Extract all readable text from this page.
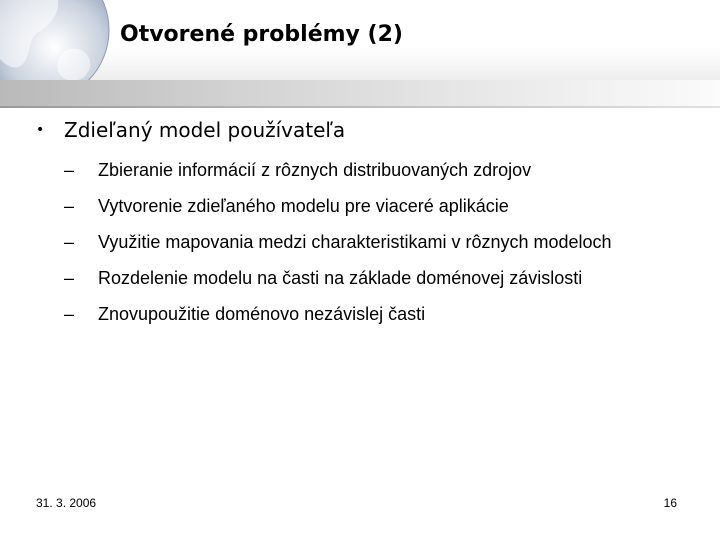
Otvorené problémy (2)
• Zdieľaný model používateľa
–	Zbieranie informácií z rôznych distribuovaných zdrojov
–	Vytvorenie zdieľaného modelu pre viaceré aplikácie
–	Využitie mapovania medzi charakteristikami v rôznych modeloch
–	Rozdelenie modelu na časti na základe doménovej závislosti
–	Znovupoužitie doménovo nezávislej časti
31. 3. 2006	16
